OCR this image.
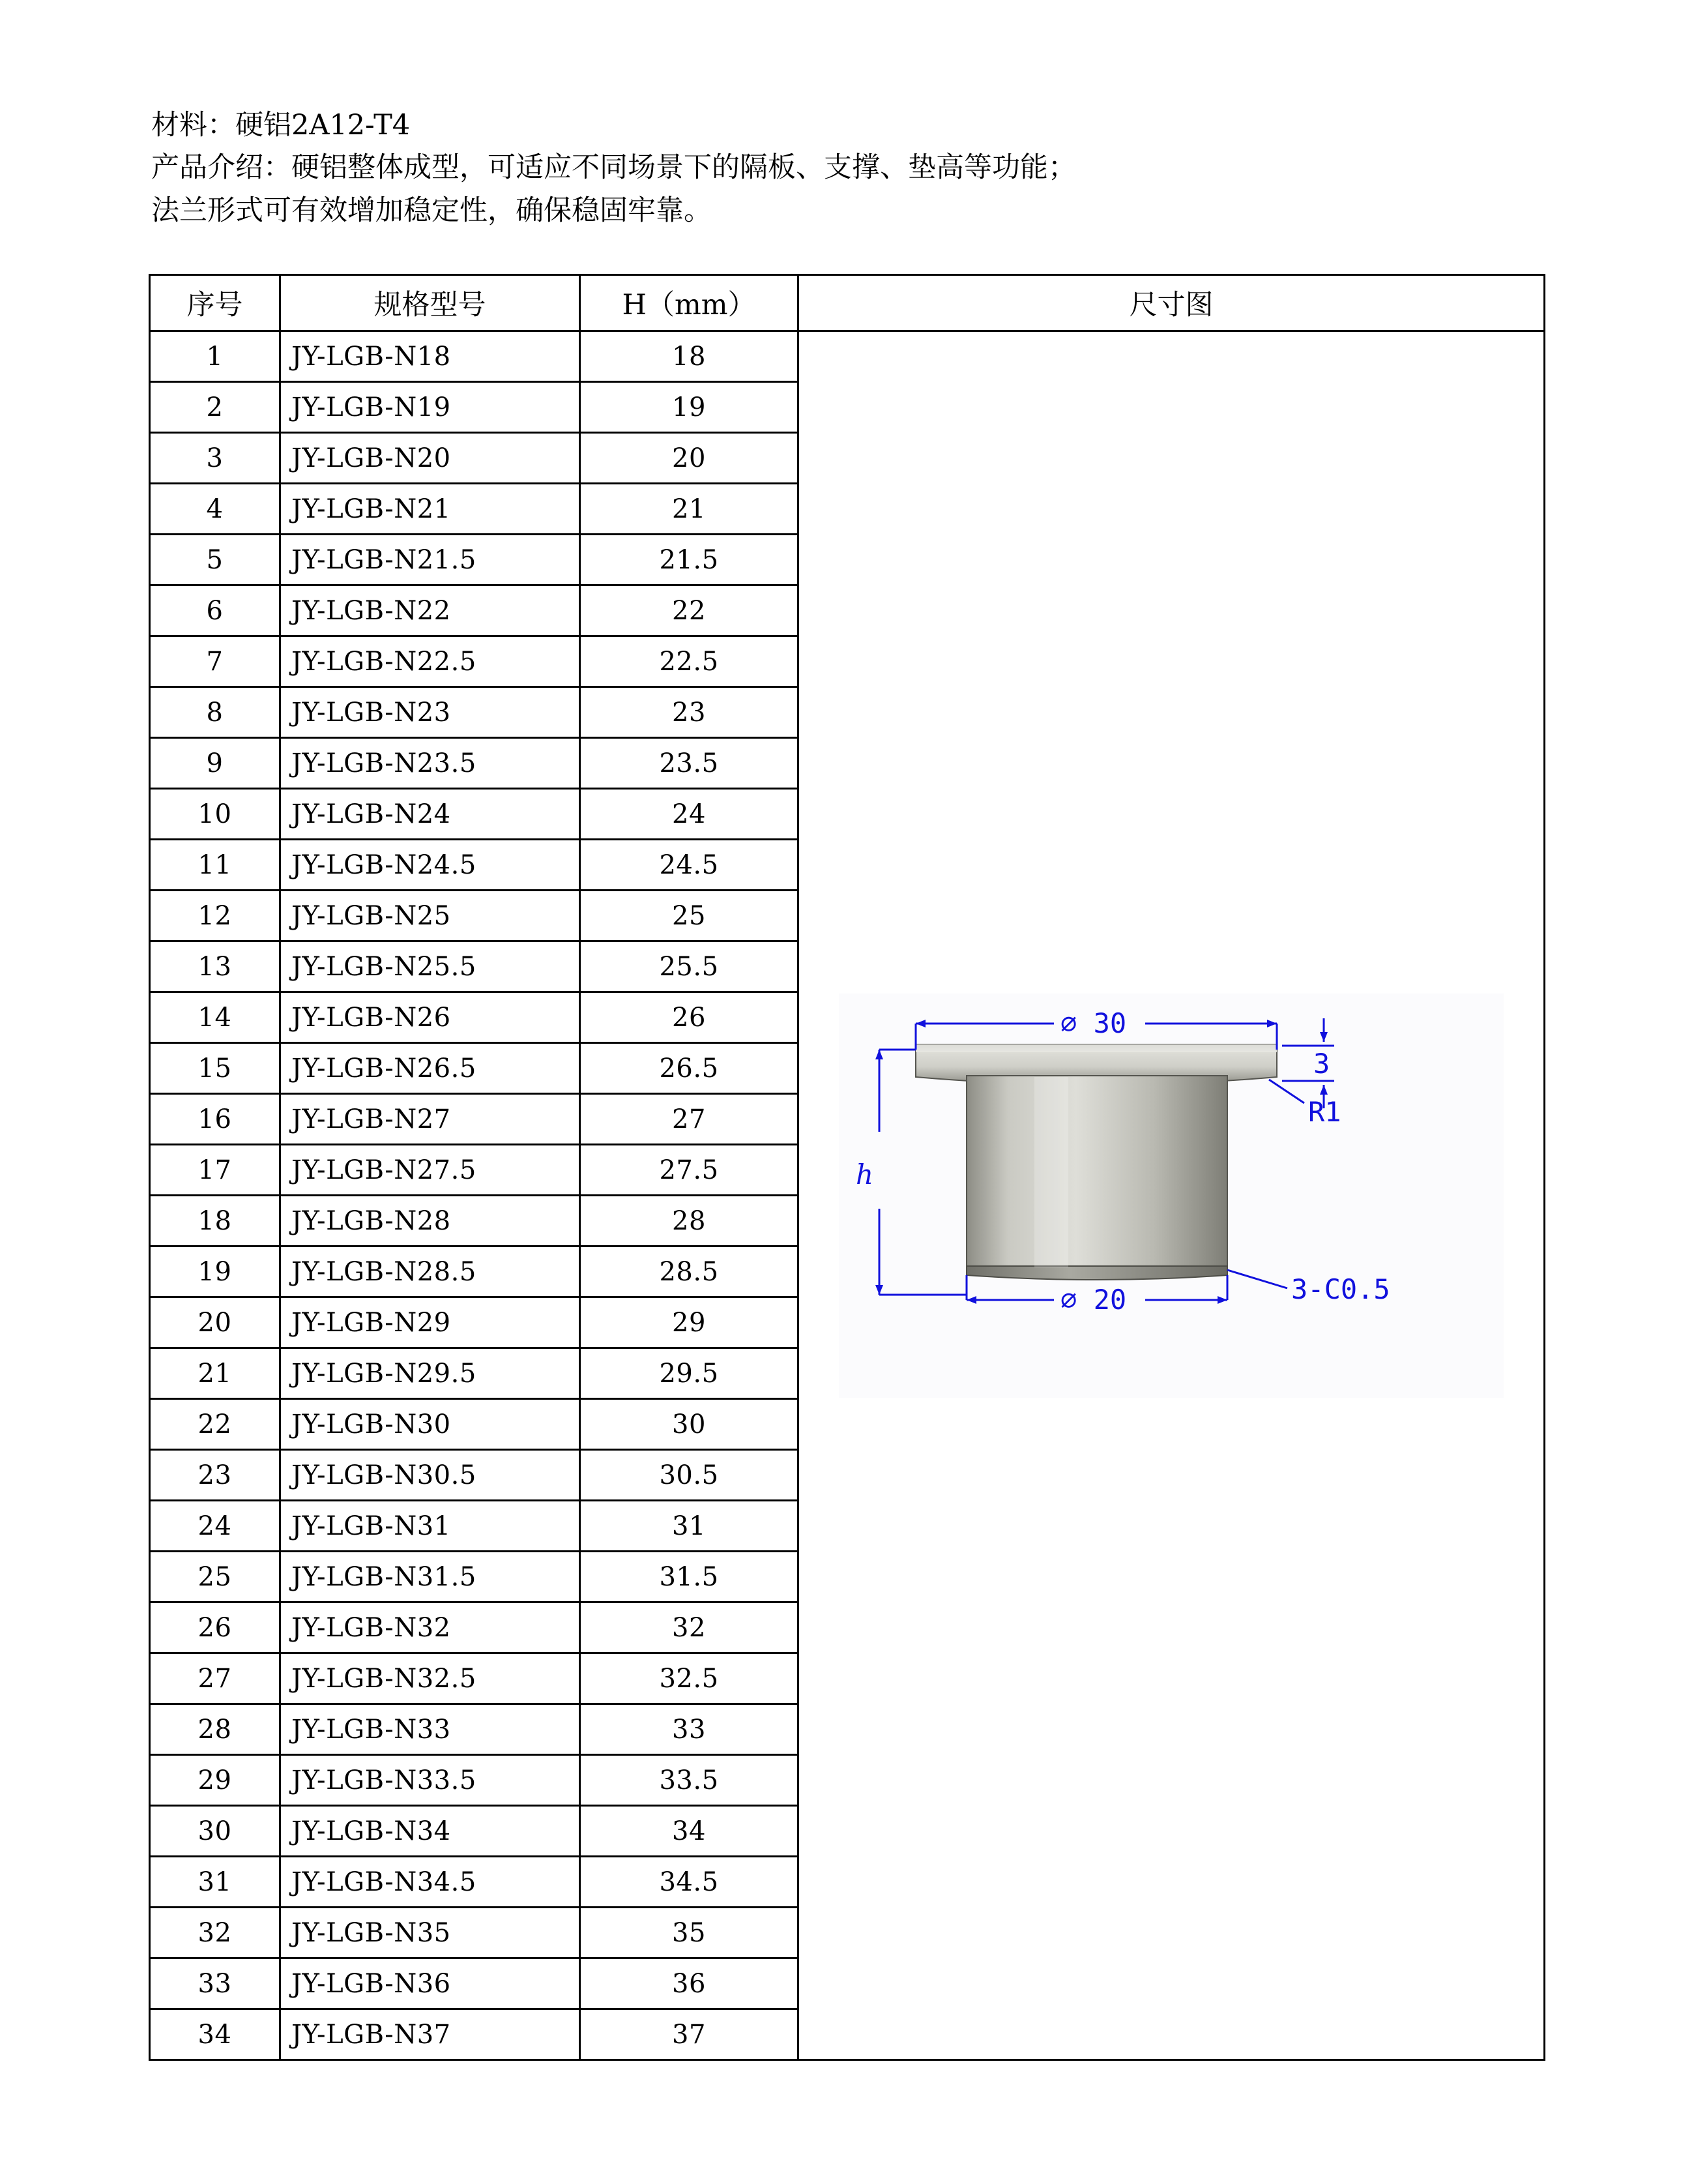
材料：硬铝2A12-T4
产品介绍：硬铝整体成型，可适应不同场景下的隔板、支撑、垫高等功能；
法兰形式可有效增加稳定性，确保稳固牢靠。
序号	规格型号	H（mm）	尺寸图
1	JY-LGB-N18	18	
⌀ 30
⌀ 20
h
3
R1
3-C0.5

2	JY-LGB-N19	19	
3	JY-LGB-N20	20	
4	JY-LGB-N21	21	
5	JY-LGB-N21.5	21.5	
6	JY-LGB-N22	22	
7	JY-LGB-N22.5	22.5	
8	JY-LGB-N23	23	
9	JY-LGB-N23.5	23.5	
10	JY-LGB-N24	24	
11	JY-LGB-N24.5	24.5	
12	JY-LGB-N25	25	
13	JY-LGB-N25.5	25.5	
14	JY-LGB-N26	26	
15	JY-LGB-N26.5	26.5	
16	JY-LGB-N27	27	
17	JY-LGB-N27.5	27.5	
18	JY-LGB-N28	28	
19	JY-LGB-N28.5	28.5	
20	JY-LGB-N29	29	
21	JY-LGB-N29.5	29.5	
22	JY-LGB-N30	30	
23	JY-LGB-N30.5	30.5	
24	JY-LGB-N31	31	
25	JY-LGB-N31.5	31.5	
26	JY-LGB-N32	32	
27	JY-LGB-N32.5	32.5	
28	JY-LGB-N33	33	
29	JY-LGB-N33.5	33.5	
30	JY-LGB-N34	34	
31	JY-LGB-N34.5	34.5	
32	JY-LGB-N35	35	
33	JY-LGB-N36	36	
34	JY-LGB-N37	37	
